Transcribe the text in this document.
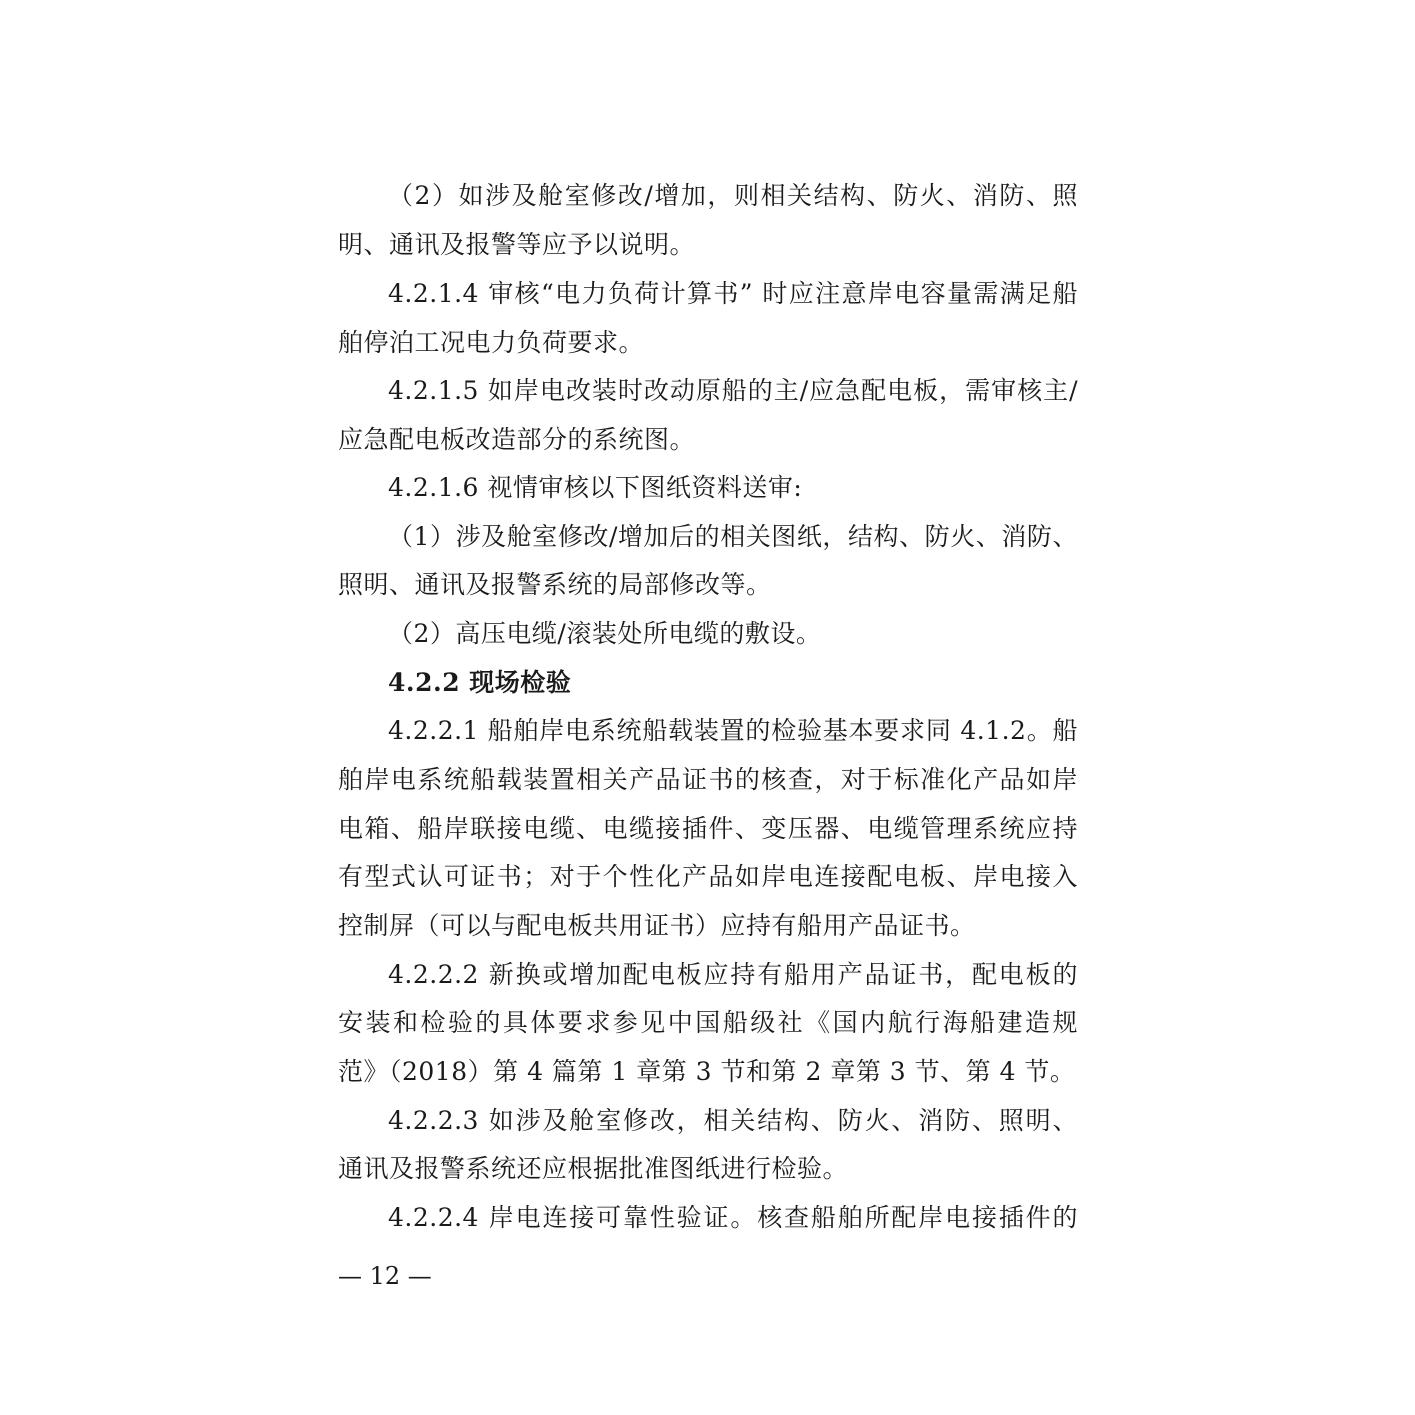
（2）如涉及舱室修改/增加，则相关结构、防火、消防、照
明、通讯及报警等应予以说明。
4.2.1.4 审核“电力负荷计算书” 时应注意岸电容量需满足船
舶停泊工况电力负荷要求。
4.2.1.5 如岸电改装时改动原船的主/应急配电板，需审核主/
应急配电板改造部分的系统图。
4.2.1.6 视情审核以下图纸资料送审:
（1）涉及舱室修改/增加后的相关图纸，结构、防火、消防、
照明、通讯及报警系统的局部修改等。
（2）高压电缆/滚装处所电缆的敷设。
4.2.2 现场检验
4.2.2.1 船舶岸电系统船载装置的检验基本要求同 4.1.2。船
舶岸电系统船载装置相关产品证书的核查，对于标准化产品如岸
电箱、船岸联接电缆、电缆接插件、变压器、电缆管理系统应持
有型式认可证书；对于个性化产品如岸电连接配电板、岸电接入
控制屏（可以与配电板共用证书）应持有船用产品证书。
4.2.2.2 新换或增加配电板应持有船用产品证书，配电板的
安装和检验的具体要求参见中国船级社《国内航行海船建造规
范》（2018）第 4 篇第 1 章第 3 节和第 2 章第 3 节、第 4 节。
4.2.2.3 如涉及舱室修改，相关结构、防火、消防、照明、
通讯及报警系统还应根据批准图纸进行检验。
4.2.2.4 岸电连接可靠性验证。核查船舶所配岸电接插件的
— 12 —
